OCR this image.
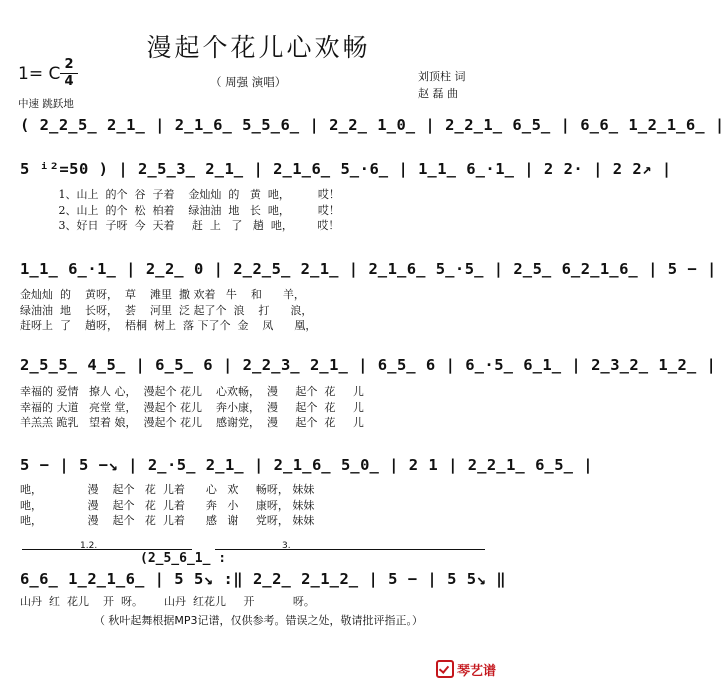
漫起个花儿心欢畅
1= C 2
4
中速 跳跃地
（ 周强 演唱）	刘顶柱 词
赵 磊 曲
( 2̲2̲5̲ 2̲1̲ | 2̲1̲6̲ 5̲5̲6̲ | 2̲2̲ 1̲0̲ | 2̲2̲1̲ 6̲5̲ | 6̲6̲ 1̲2̲1̲6̲ |
5 ⁱ²=50 ) | 2̲5̲3̲ 2̲1̲ | 2̲1̲6̲ 5̲·6̲ | 1̲1̲ 6̲·1̲ | 2 2· | 2 2↗ |
1、山上  的个  谷  子着    金灿灿  的   黄  吔，        哎！
2、山上  的个  松  柏着    绿油油  地   长  吔，        哎！
3、好日  子呀  今  天着     赶  上   了   趟  吔，       哎！
1̲1̲ 6̲·1̲ | 2̲2̲ 0 | 2̲2̲5̲ 2̲1̲ | 2̲1̲6̲ 5̲·5̲ | 2̲5̲ 6̲2̲1̲6̲ | 5 − |
金灿灿  的    黄呀，  草    滩里  撒 欢着   牛    和      羊，
绿油油  地    长呀，  荟    河里  泛 起了个  浪    打      浪，
赶呀上  了    趟呀，  梧桐  树上  落 下了个  金    凤      凰，
2̲5̲5̲ 4̲5̲ | 6̲5̲ 6 | 2̲2̲3̲ 2̲1̲ | 6̲5̲ 6 | 6̲·5̲ 6̲1̲ | 2̲3̲2̲ 1̲2̲ |
幸福的 爱情   撩人 心，  漫起个 花儿    心欢畅，  漫     起个  花     儿
幸福的 大道   亮堂 堂，  漫起个 花儿    奔小康，  漫     起个  花     儿
羊羔羔 跪乳   望着 娘，  漫起个 花儿    感谢党，  漫     起个  花     儿
5 − | 5 −↘ | 2̲·5̲ 2̲1̲ | 2̲1̲6̲ 5̲0̲ | 2 1 | 2̲2̲1̲ 6̲5̲ |
吔，             漫    起个   花  儿着      心   欢     畅呀， 妹妹
吔，             漫    起个   花  儿着      奔   小     康呀， 妹妹
吔，             漫    起个   花  儿着      感   谢     党呀， 妹妹
1.2.	3.
(2̲5̲6̲1̲ :
6̲6̲ 1̲2̲1̲6̲ | 5 5↘ :‖ 2̲2̲ 2̲1̲2̲ | 5 − | 5 5↘ ‖
山丹  红  花儿    开  呀。      山丹  红花儿     开           呀。
（ 秋叶起舞根据MP3记谱，仅供参考。错误之处，敬请批评指正。）
琴艺谱
